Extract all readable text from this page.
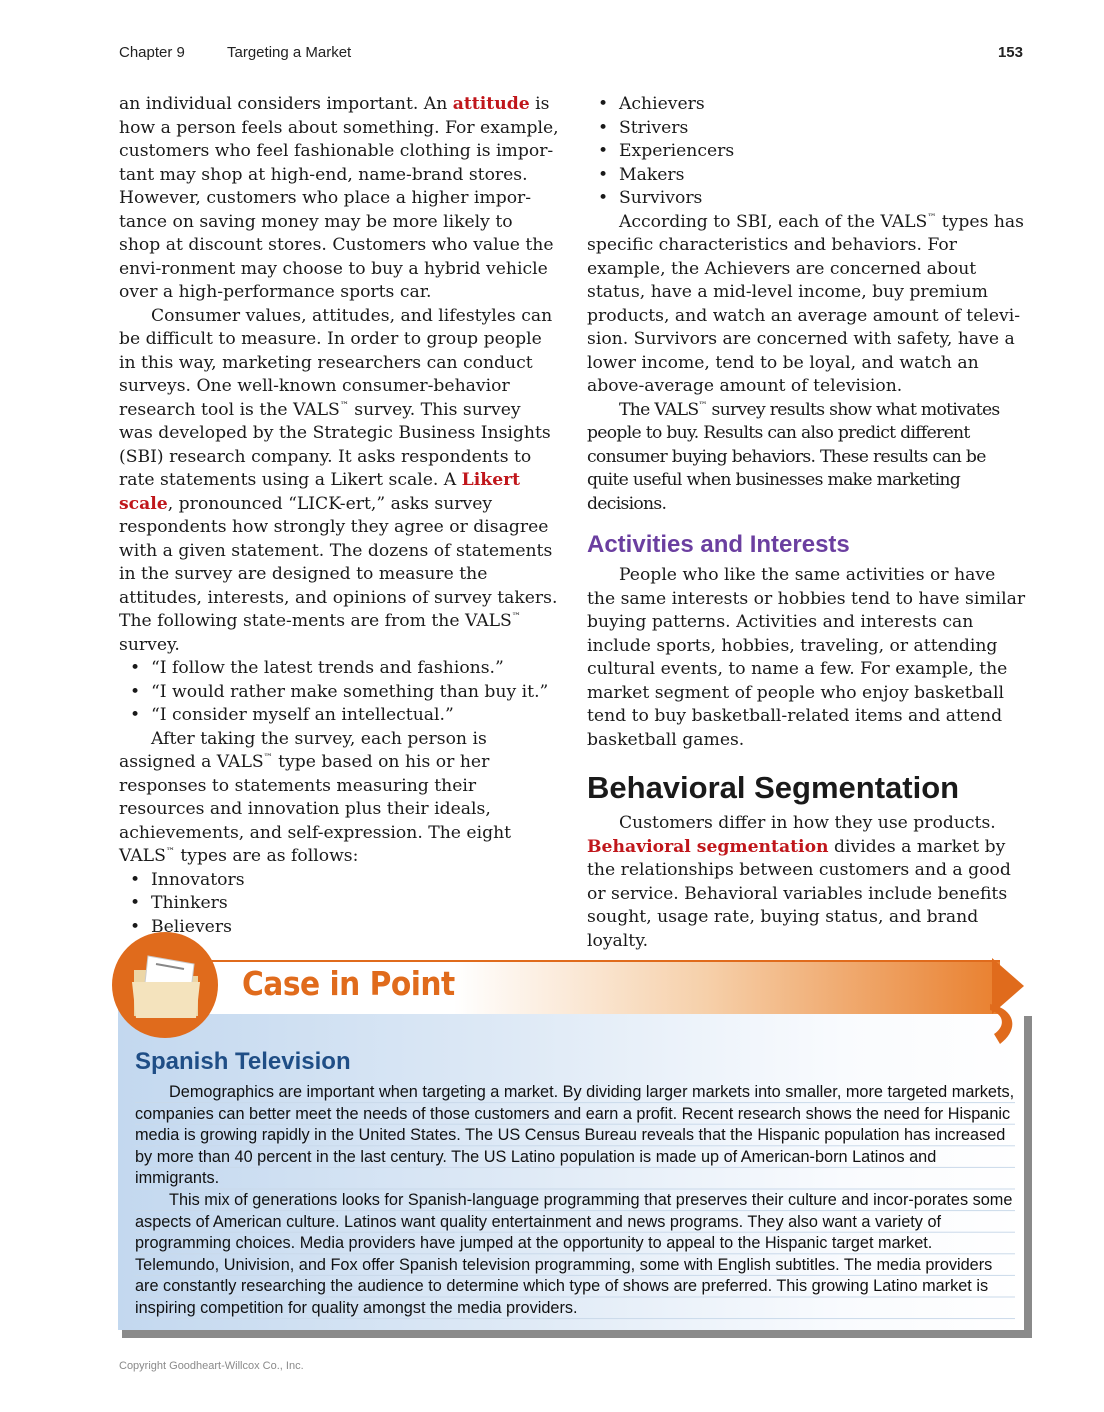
Chapter 9	Targeting a Market	153

an individual considers important. An attitude is how a person feels about something. For example, customers who feel fashionable clothing is impor-tant may shop at high-end, name-brand stores. However, customers who place a higher impor-tance on saving money may be more likely to shop at discount stores. Customers who value the envi-ronment may choose to buy a hybrid vehicle over a high-performance sports car.

Consumer values, attitudes, and lifestyles can be difficult to measure. In order to group people in this way, marketing researchers can conduct surveys. One well-known consumer-behavior research tool is the VALS™ survey. This survey was developed by the Strategic Business Insights (SBI) research company. It asks respondents to rate statements using a Likert scale. A Likert scale, pronounced “LICK-ert,” asks survey respondents how strongly they agree or disagree with a given statement. The dozens of statements in the survey are designed to measure the attitudes, interests, and opinions of survey takers. The following state-ments are from the VALS™ survey.

• “I follow the latest trends and fashions.”
• “I would rather make something than buy it.”
• “I consider myself an intellectual.”

After taking the survey, each person is assigned a VALS™ type based on his or her responses to statements measuring their resources and innovation plus their ideals, achievements, and self-expression. The eight VALS™ types are as follows:

• Innovators
• Thinkers
• Believers
• Achievers
• Strivers
• Experiencers
• Makers
• Survivors

According to SBI, each of the VALS™ types has specific characteristics and behaviors. For example, the Achievers are concerned about status, have a mid-level income, buy premium products, and watch an average amount of televi-sion. Survivors are concerned with safety, have a lower income, tend to be loyal, and watch an above-average amount of television.

The VALS™ survey results show what motivates people to buy. Results can also predict different consumer buying behaviors. These results can be quite useful when businesses make marketing decisions.

Activities and Interests

People who like the same activities or have the same interests or hobbies tend to have similar buying patterns. Activities and interests can include sports, hobbies, traveling, or attending cultural events, to name a few. For example, the market segment of people who enjoy basketball tend to buy basketball-related items and attend basketball games.

Behavioral Segmentation

Customers differ in how they use products. Behavioral segmentation divides a market by the relationships between customers and a good or service. Behavioral variables include benefits sought, usage rate, buying status, and brand loyalty.

Case in Point
Spanish Television

Demographics are important when targeting a market. By dividing larger markets into smaller, more targeted markets, companies can better meet the needs of those customers and earn a profit. Recent research shows the need for Hispanic media is growing rapidly in the United States. The US Census Bureau reveals that the Hispanic population has increased by more than 40 percent in the last century. The US Latino population is made up of American-born Latinos and immigrants.

This mix of generations looks for Spanish-language programming that preserves their culture and incor-porates some aspects of American culture. Latinos want quality entertainment and news programs. They also want a variety of programming choices. Media providers have jumped at the opportunity to appeal to the Hispanic target market. Telemundo, Univision, and Fox offer Spanish television programming, some with English subtitles. The media providers are constantly researching the audience to determine which type of shows are preferred. This growing Latino market is inspiring competition for quality amongst the media providers.

Copyright Goodheart-Willcox Co., Inc.
